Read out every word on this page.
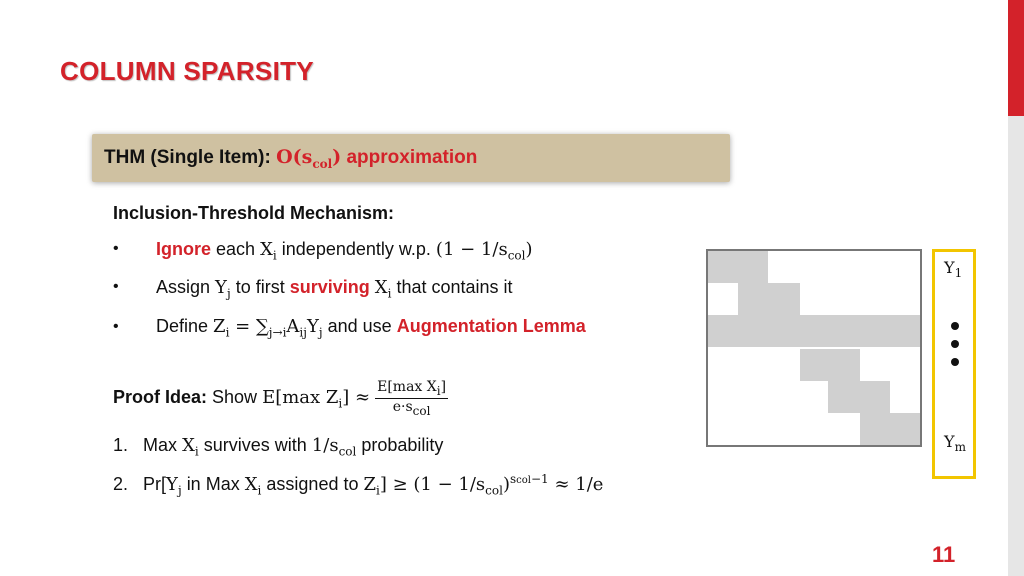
COLUMN SPARSITY
THM (Single Item): $O(s_{col})$ approximation
Inclusion-Threshold Mechanism:
• Ignore each $X_i$ independently w.p. $(1 - 1/s_{col})$
• Assign $Y_j$ to first surviving $X_i$ that contains it
• Define $Z_i = \sum_{j\to i}A_{ij}Y_j$ and use Augmentation Lemma
Proof Idea: Show E[max $Z_i] \approx \frac{E[\max X_i]}{e\cdot s_{col}}$
1. Max $X_i$ survives with $1/s_{col}$ probability
2. $Pr[Y_j$ in Max $X_i$ assigned to $Z_i] \ge (1 - 1/s_{col})^{scol-1} \approx 1/e$
$Y_1$
$Y_m$
11
